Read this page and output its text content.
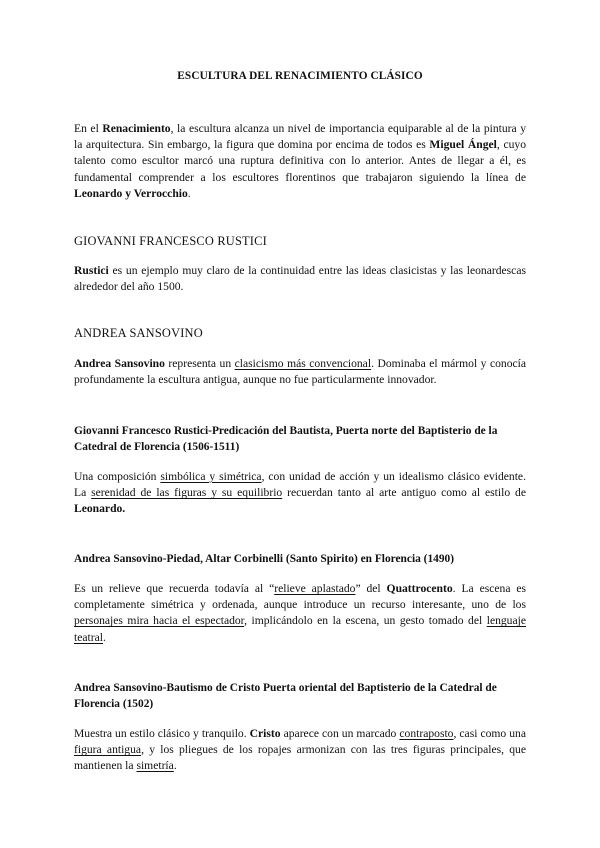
ESCULTURA DEL RENACIMIENTO CLÁSICO

En el Renacimiento, la escultura alcanza un nivel de importancia equiparable al de la pintura y la arquitectura. Sin embargo, la figura que domina por encima de todos es Miguel Ángel, cuyo talento como escultor marcó una ruptura definitiva con lo anterior. Antes de llegar a él, es fundamental comprender a los escultores florentinos que trabajaron siguiendo la línea de Leonardo y Verrocchio.

GIOVANNI FRANCESCO RUSTICI

Rustici es un ejemplo muy claro de la continuidad entre las ideas clasicistas y las leonardescas alrededor del año 1500.

ANDREA SANSOVINO

Andrea Sansovino representa un clasicismo más convencional. Dominaba el mármol y conocía profundamente la escultura antigua, aunque no fue particularmente innovador.

Giovanni Francesco Rustici-Predicación del Bautista, Puerta norte del Baptisterio de la Catedral de Florencia (1506-1511)

Una composición simbólica y simétrica, con unidad de acción y un idealismo clásico evidente. La serenidad de las figuras y su equilibrio recuerdan tanto al arte antiguo como al estilo de Leonardo.

Andrea Sansovino-Piedad, Altar Corbinelli (Santo Spirito) en Florencia (1490)

Es un relieve que recuerda todavía al “relieve aplastado” del Quattrocento. La escena es completamente simétrica y ordenada, aunque introduce un recurso interesante, uno de los personajes mira hacia el espectador, implicándolo en la escena, un gesto tomado del lenguaje teatral.

Andrea Sansovino-Bautismo de Cristo Puerta oriental del Baptisterio de la Catedral de Florencia (1502)

Muestra un estilo clásico y tranquilo. Cristo aparece con un marcado contraposto, casi como una figura antigua, y los pliegues de los ropajes armonizan con las tres figuras principales, que mantienen la simetría.
